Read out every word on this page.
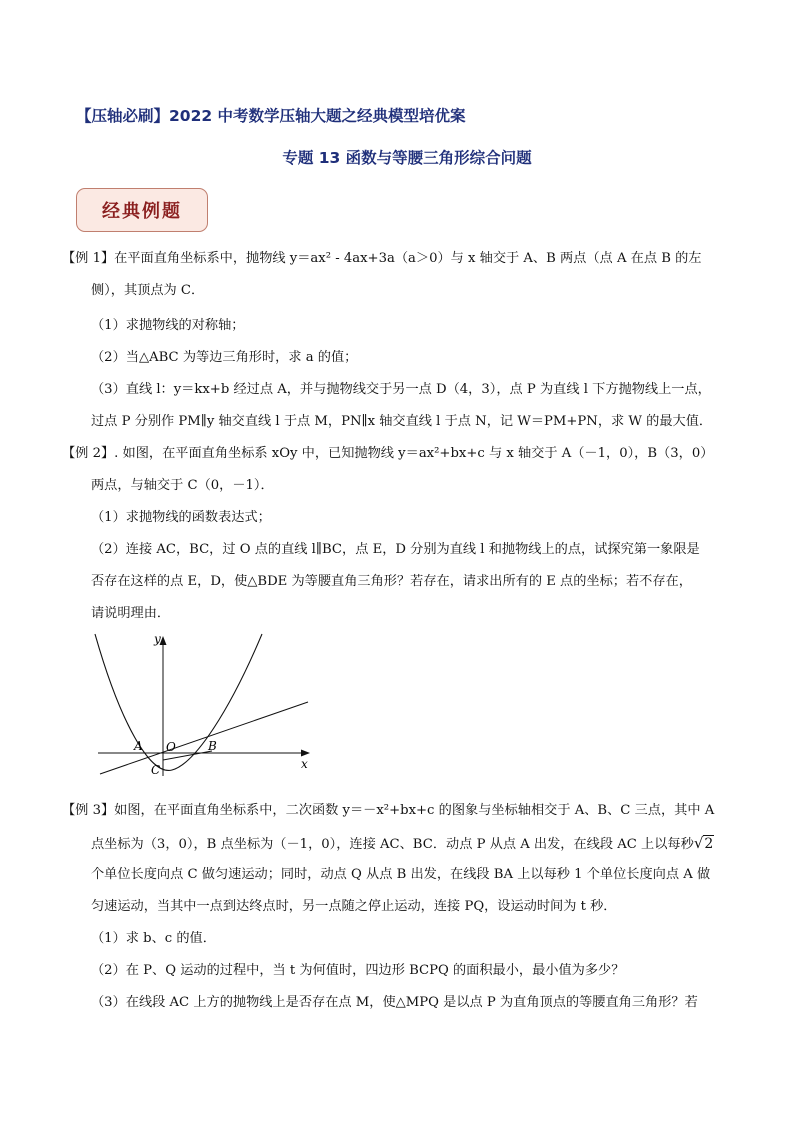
【压轴必刷】2022 中考数学压轴大题之经典模型培优案
专题 13 函数与等腰三角形综合问题
经典例题
【例 1】在平面直角坐标系中，抛物线 y＝ax² - 4ax+3a（a＞0）与 x 轴交于 A、B 两点（点 A 在点 B 的左
侧），其顶点为 C．
（1）求抛物线的对称轴；
（2）当△ABC 为等边三角形时，求 a 的值；
（3）直线 l：y＝kx+b 经过点 A，并与抛物线交于另一点 D（4，3），点 P 为直线 l 下方抛物线上一点，
过点 P 分别作 PM∥y 轴交直线 l 于点 M，PN∥x 轴交直线 l 于点 N，记 W＝PM+PN，求 W 的最大值．
【例 2】. 如图，在平面直角坐标系 xOy 中，已知抛物线 y＝ax²+bx+c 与 x 轴交于 A（－1，0），B（3，0）
两点，与轴交于 C（0，－1）．
（1）求抛物线的函数表达式；
（2）连接 AC，BC，过 O 点的直线 l∥BC，点 E，D 分别为直线 l 和抛物线上的点，试探究第一象限是
否存在这样的点 E，D，使△BDE 为等腰直角三角形？若存在，请求出所有的 E 点的坐标；若不存在，
请说明理由．
y
x
A O	B
C
【例 3】如图，在平面直角坐标系中，二次函数 y＝－x²+bx+c 的图象与坐标轴相交于 A、B、C 三点，其中 A
点坐标为（3，0），B 点坐标为（－1，0），连接 AC、BC．动点 P 从点 A 出发，在线段 AC 上以每秒√2
个单位长度向点 C 做匀速运动；同时，动点 Q 从点 B 出发，在线段 BA 上以每秒 1 个单位长度向点 A 做
匀速运动，当其中一点到达终点时，另一点随之停止运动，连接 PQ，设运动时间为 t 秒．
（1）求 b、c 的值．
（2）在 P、Q 运动的过程中，当 t 为何值时，四边形 BCPQ 的面积最小，最小值为多少？
（3）在线段 AC 上方的抛物线上是否存在点 M，使△MPQ 是以点 P 为直角顶点的等腰直角三角形？若
